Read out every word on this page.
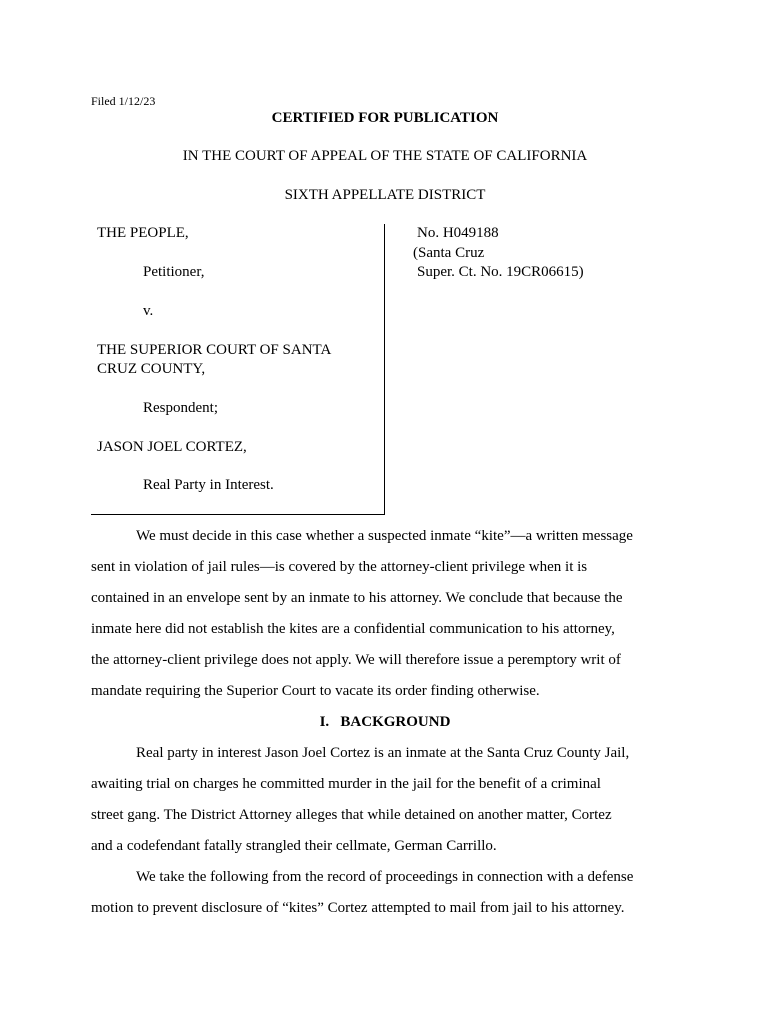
Filed 1/12/23
CERTIFIED FOR PUBLICATION
IN THE COURT OF APPEAL OF THE STATE OF CALIFORNIA
SIXTH APPELLATE DISTRICT
THE PEOPLE,
Petitioner,
v.
THE SUPERIOR COURT OF SANTA
CRUZ COUNTY,
Respondent;
JASON JOEL CORTEZ,
Real Party in Interest.
No. H049188
(Santa Cruz
Super. Ct. No. 19CR06615)
We must decide in this case whether a suspected inmate “kite”—a written message
sent in violation of jail rules—is covered by the attorney-client privilege when it is
contained in an envelope sent by an inmate to his attorney. We conclude that because the
inmate here did not establish the kites are a confidential communication to his attorney,
the attorney-client privilege does not apply. We will therefore issue a peremptory writ of
mandate requiring the Superior Court to vacate its order finding otherwise.
I.   BACKGROUND
Real party in interest Jason Joel Cortez is an inmate at the Santa Cruz County Jail,
awaiting trial on charges he committed murder in the jail for the benefit of a criminal
street gang. The District Attorney alleges that while detained on another matter, Cortez
and a codefendant fatally strangled their cellmate, German Carrillo.
We take the following from the record of proceedings in connection with a defense
motion to prevent disclosure of “kites” Cortez attempted to mail from jail to his attorney.
